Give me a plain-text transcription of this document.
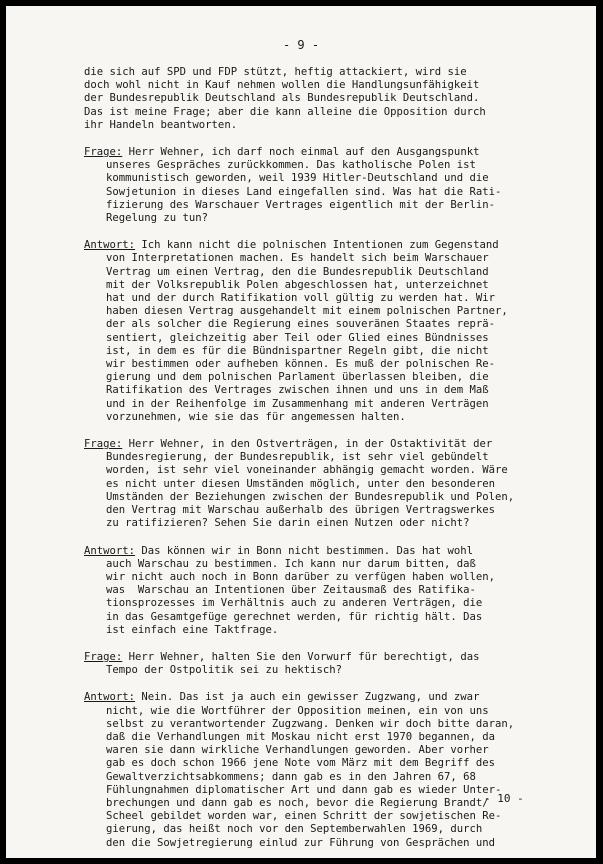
- 9 -
die sich auf SPD und FDP stützt, heftig attackiert, wird sie
doch wohl nicht in Kauf nehmen wollen die Handlungsunfähigkeit
der Bundesrepublik Deutschland als Bundesrepublik Deutschland.
Das ist meine Frage; aber die kann alleine die Opposition durch
ihr Handeln beantworten.
Frage: Herr Wehner, ich darf noch einmal auf den Ausgangspunkt
unseres Gespräches zurückkommen. Das katholische Polen ist
kommunistisch geworden, weil 1939 Hitler-Deutschland und die
Sowjetunion in dieses Land eingefallen sind. Was hat die Rati-
fizierung des Warschauer Vertrages eigentlich mit der Berlin-
Regelung zu tun?
Antwort: Ich kann nicht die polnischen Intentionen zum Gegenstand
von Interpretationen machen. Es handelt sich beim Warschauer
Vertrag um einen Vertrag, den die Bundesrepublik Deutschland
mit der Volksrepublik Polen abgeschlossen hat, unterzeichnet
hat und der durch Ratifikation voll gültig zu werden hat. Wir
haben diesen Vertrag ausgehandelt mit einem polnischen Partner,
der als solcher die Regierung eines souveränen Staates reprä-
sentiert, gleichzeitig aber Teil oder Glied eines Bündnisses
ist, in dem es für die Bündnispartner Regeln gibt, die nicht
wir bestimmen oder aufheben können. Es muß der polnischen Re-
gierung und dem polnischen Parlament überlassen bleiben, die
Ratifikation des Vertrages zwischen ihnen und uns in dem Maß
und in der Reihenfolge im Zusammenhang mit anderen Verträgen
vorzunehmen, wie sie das für angemessen halten.
Frage: Herr Wehner, in den Ostverträgen, in der Ostaktivität der
Bundesregierung, der Bundesrepublik, ist sehr viel gebündelt
worden, ist sehr viel voneinander abhängig gemacht worden. Wäre
es nicht unter diesen Umständen möglich, unter den besonderen
Umständen der Beziehungen zwischen der Bundesrepublik und Polen,
den Vertrag mit Warschau außerhalb des übrigen Vertragswerkes
zu ratifizieren? Sehen Sie darin einen Nutzen oder nicht?
Antwort: Das können wir in Bonn nicht bestimmen. Das hat wohl
auch Warschau zu bestimmen. Ich kann nur darum bitten, daß
wir nicht auch noch in Bonn darüber zu verfügen haben wollen,
was  Warschau an Intentionen über Zeitausmaß des Ratifika-
tionsprozesses im Verhältnis auch zu anderen Verträgen, die
in das Gesamtgefüge gerechnet werden, für richtig hält. Das
ist einfach eine Taktfrage.
Frage: Herr Wehner, halten Sie den Vorwurf für berechtigt, das
Tempo der Ostpolitik sei zu hektisch?
Antwort: Nein. Das ist ja auch ein gewisser Zugzwang, und zwar
nicht, wie die Wortführer der Opposition meinen, ein von uns
selbst zu verantwortender Zugzwang. Denken wir doch bitte daran,
daß die Verhandlungen mit Moskau nicht erst 1970 begannen, da
waren sie dann wirkliche Verhandlungen geworden. Aber vorher
gab es doch schon 1966 jene Note vom März mit dem Begriff des
Gewaltverzichtsabkommens; dann gab es in den Jahren 67, 68
Fühlungnahmen diplomatischer Art und dann gab es wieder Unter-
brechungen und dann gab es noch, bevor die Regierung Brandt/
Scheel gebildet worden war, einen Schritt der sowjetischen Re-
gierung, das heißt noch vor den Septemberwahlen 1969, durch
den die Sowjetregierung einlud zur Führung von Gesprächen und
- 10 -
